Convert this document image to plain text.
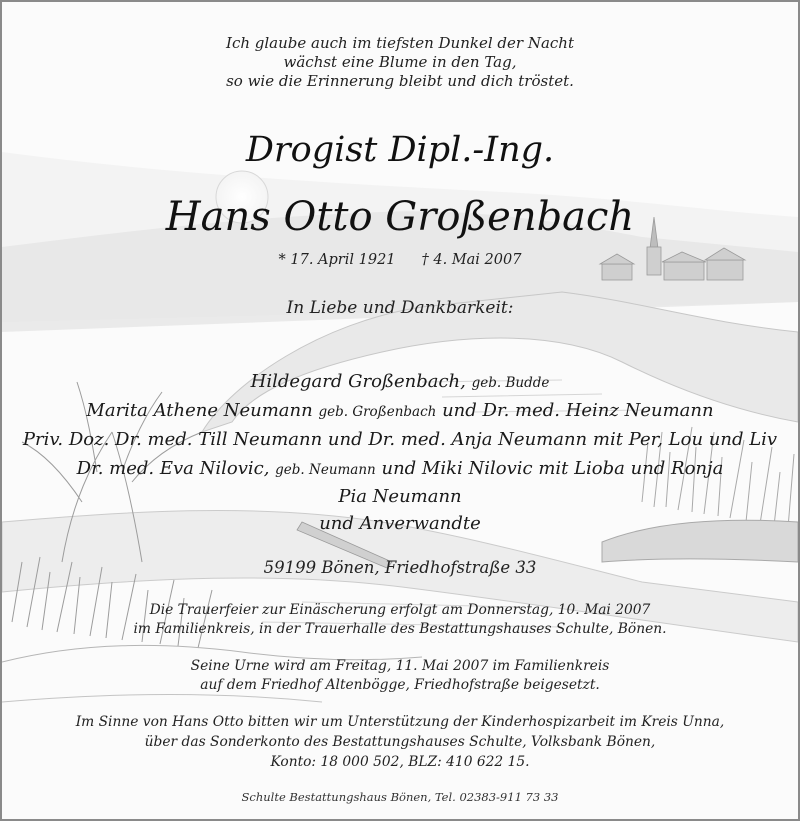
Ich glaube auch im tiefsten Dunkel der Nacht
wächst eine Blume in den Tag,
so wie die Erinnerung bleibt und dich tröstet.
Drogist Dipl.-Ing.
Hans Otto Großenbach
* 17. April 1921 † 4. Mai 2007
In Liebe und Dankbarkeit:
Hildegard Großenbach, geb. Budde
Marita Athene Neumann geb. Großenbach und Dr. med. Heinz Neumann
Priv. Doz. Dr. med. Till Neumann und Dr. med. Anja Neumann mit Per, Lou und Liv
Dr. med. Eva Nilovic, geb. Neumann und Miki Nilovic mit Lioba und Ronja
Pia Neumann
und Anverwandte
59199 Bönen, Friedhofstraße 33
Die Trauerfeier zur Einäscherung erfolgt am Donnerstag, 10. Mai 2007
im Familienkreis, in der Trauerhalle des Bestattungshauses Schulte, Bönen.
Seine Urne wird am Freitag, 11. Mai 2007 im Familienkreis
auf dem Friedhof Altenbögge, Friedhofstraße beigesetzt.
Im Sinne von Hans Otto bitten wir um Unterstützung der Kinderhospizarbeit im Kreis Unna,
über das Sonderkonto des Bestattungshauses Schulte, Volksbank Bönen,
Konto: 18 000 502, BLZ: 410 622 15.
Schulte Bestattungshaus Bönen, Tel. 02383-911 73 33
